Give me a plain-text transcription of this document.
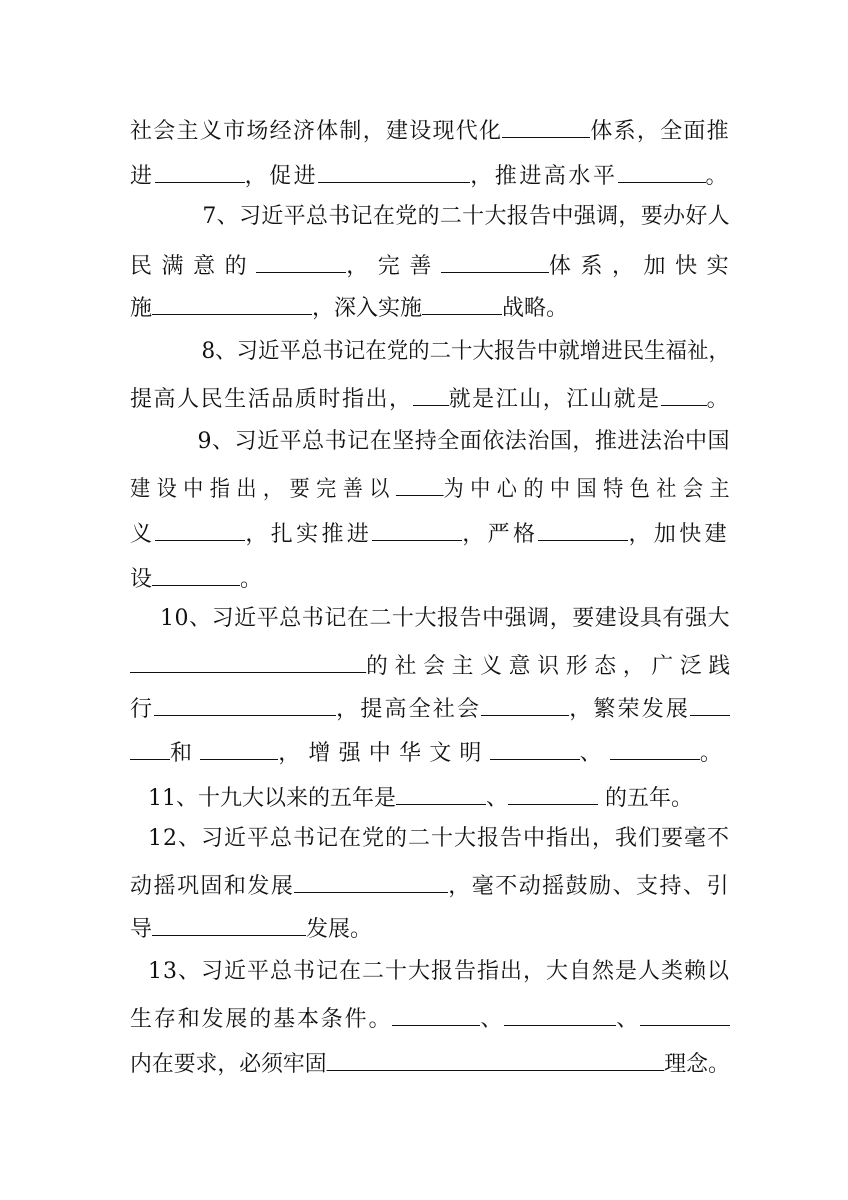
社会主义市场经济体制，建设现代化	体系，全面推
进	，促进	，推进高水平	。
　7、习近平总书记在党的二十大报告中强调，要办好人
民 满 意 的	， 完 善	体 系 ， 加 快 实
施	，深入实施	战略。
　8、习近平总书记在党的二十大报告中就增进民生福祉，
提高人民生活品质时指出， 就是江山，江山就是 。
　9、习近平总书记在坚持全面依法治国，推进法治中国
建 设 中 指 出 ， 要 完 善 以 为 中 心 的 中 国 特 色 社 会 主
义	，扎实推进	，严格	，加快建
设	。
10、习近平总书记在二十大报告中强调，要建设具有强大
的 社 会 主 义 意 识 形 态 ， 广 泛 践
行	，提高全社会	，繁荣发展
和	，增强中华文明	、	。
11、十九大以来的五年是	、	的五年。
12、习近平总书记在党的二十大报告中指出，我们要毫不
动摇巩固和发展	，毫不动摇鼓励、支持、引
导	发展。
13、习近平总书记在二十大报告指出，大自然是人类赖以
生存和发展的基本条件。	、	、
内在要求，必须牢固	理念。
